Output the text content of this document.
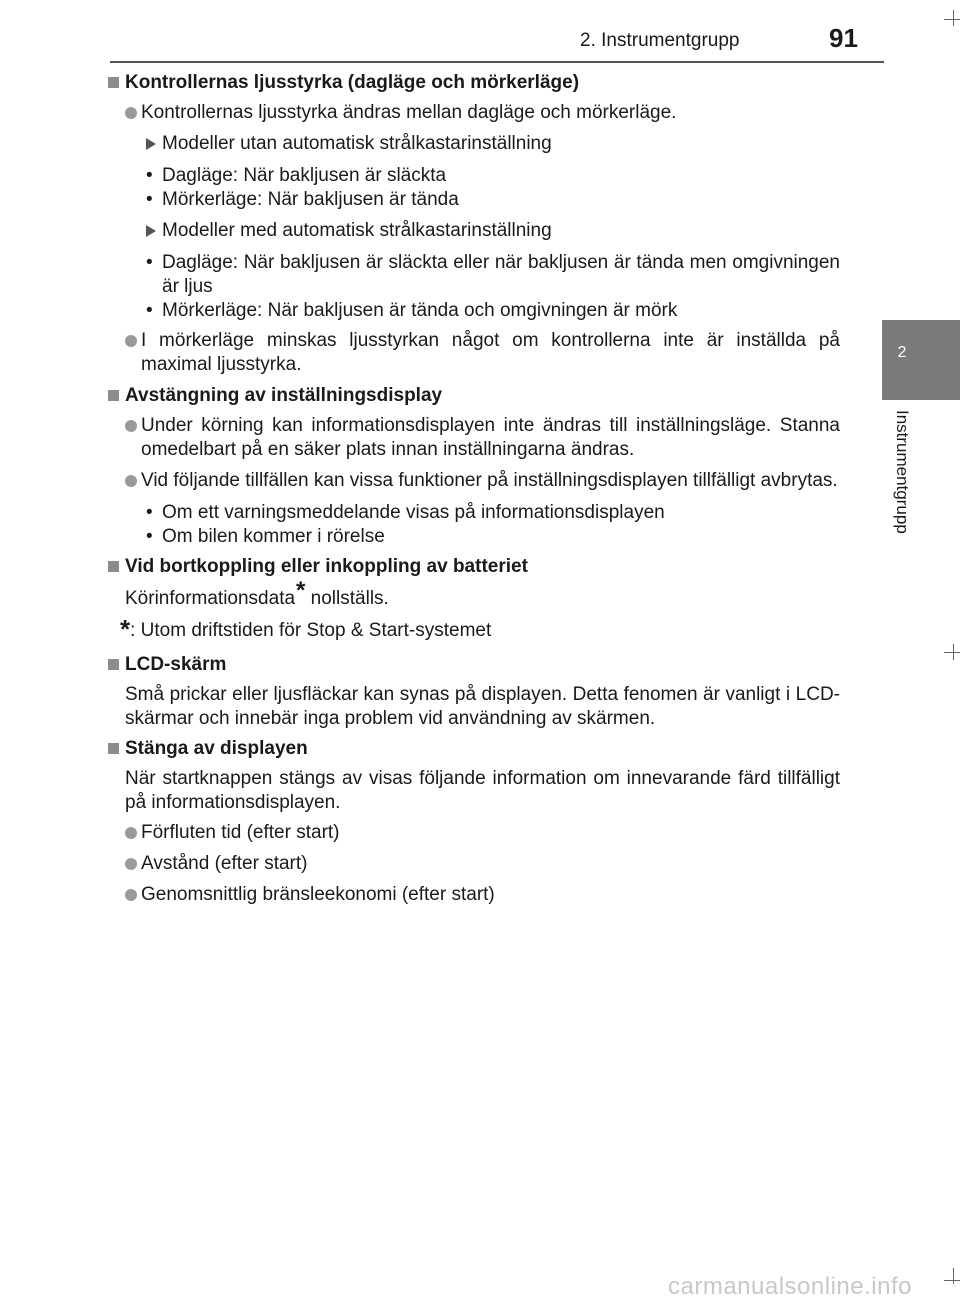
2. Instrumentgrupp	91
2
Instrumentgrupp
Kontrollernas ljusstyrka (dagläge och mörkerläge)
Kontrollernas ljusstyrka ändras mellan dagläge och mörkerläge.
Modeller utan automatisk strålkastarinställning
• Dagläge: När bakljusen är släckta
• Mörkerläge: När bakljusen är tända
Modeller med automatisk strålkastarinställning
• Dagläge: När bakljusen är släckta eller när bakljusen är tända men omgivningen är ljus
• Mörkerläge: När bakljusen är tända och omgivningen är mörk
I mörkerläge minskas ljusstyrkan något om kontrollerna inte är inställda på maximal ljusstyrka.
Avstängning av inställningsdisplay
Under körning kan informationsdisplayen inte ändras till inställningsläge. Stanna omedelbart på en säker plats innan inställningarna ändras.
Vid följande tillfällen kan vissa funktioner på inställningsdisplayen tillfälligt avbrytas.
• Om ett varningsmeddelande visas på informationsdisplayen
• Om bilen kommer i rörelse
Vid bortkoppling eller inkoppling av batteriet
Körinformationsdata* nollställs.
*: Utom driftstiden för Stop & Start-systemet
LCD-skärm
Små prickar eller ljusfläckar kan synas på displayen. Detta fenomen är vanligt i LCD-skärmar och innebär inga problem vid användning av skärmen.
Stänga av displayen
När startknappen stängs av visas följande information om innevarande färd tillfälligt på informationsdisplayen.
Förfluten tid (efter start)
Avstånd (efter start)
Genomsnittlig bränsleekonomi (efter start)
carmanualsonline.info
